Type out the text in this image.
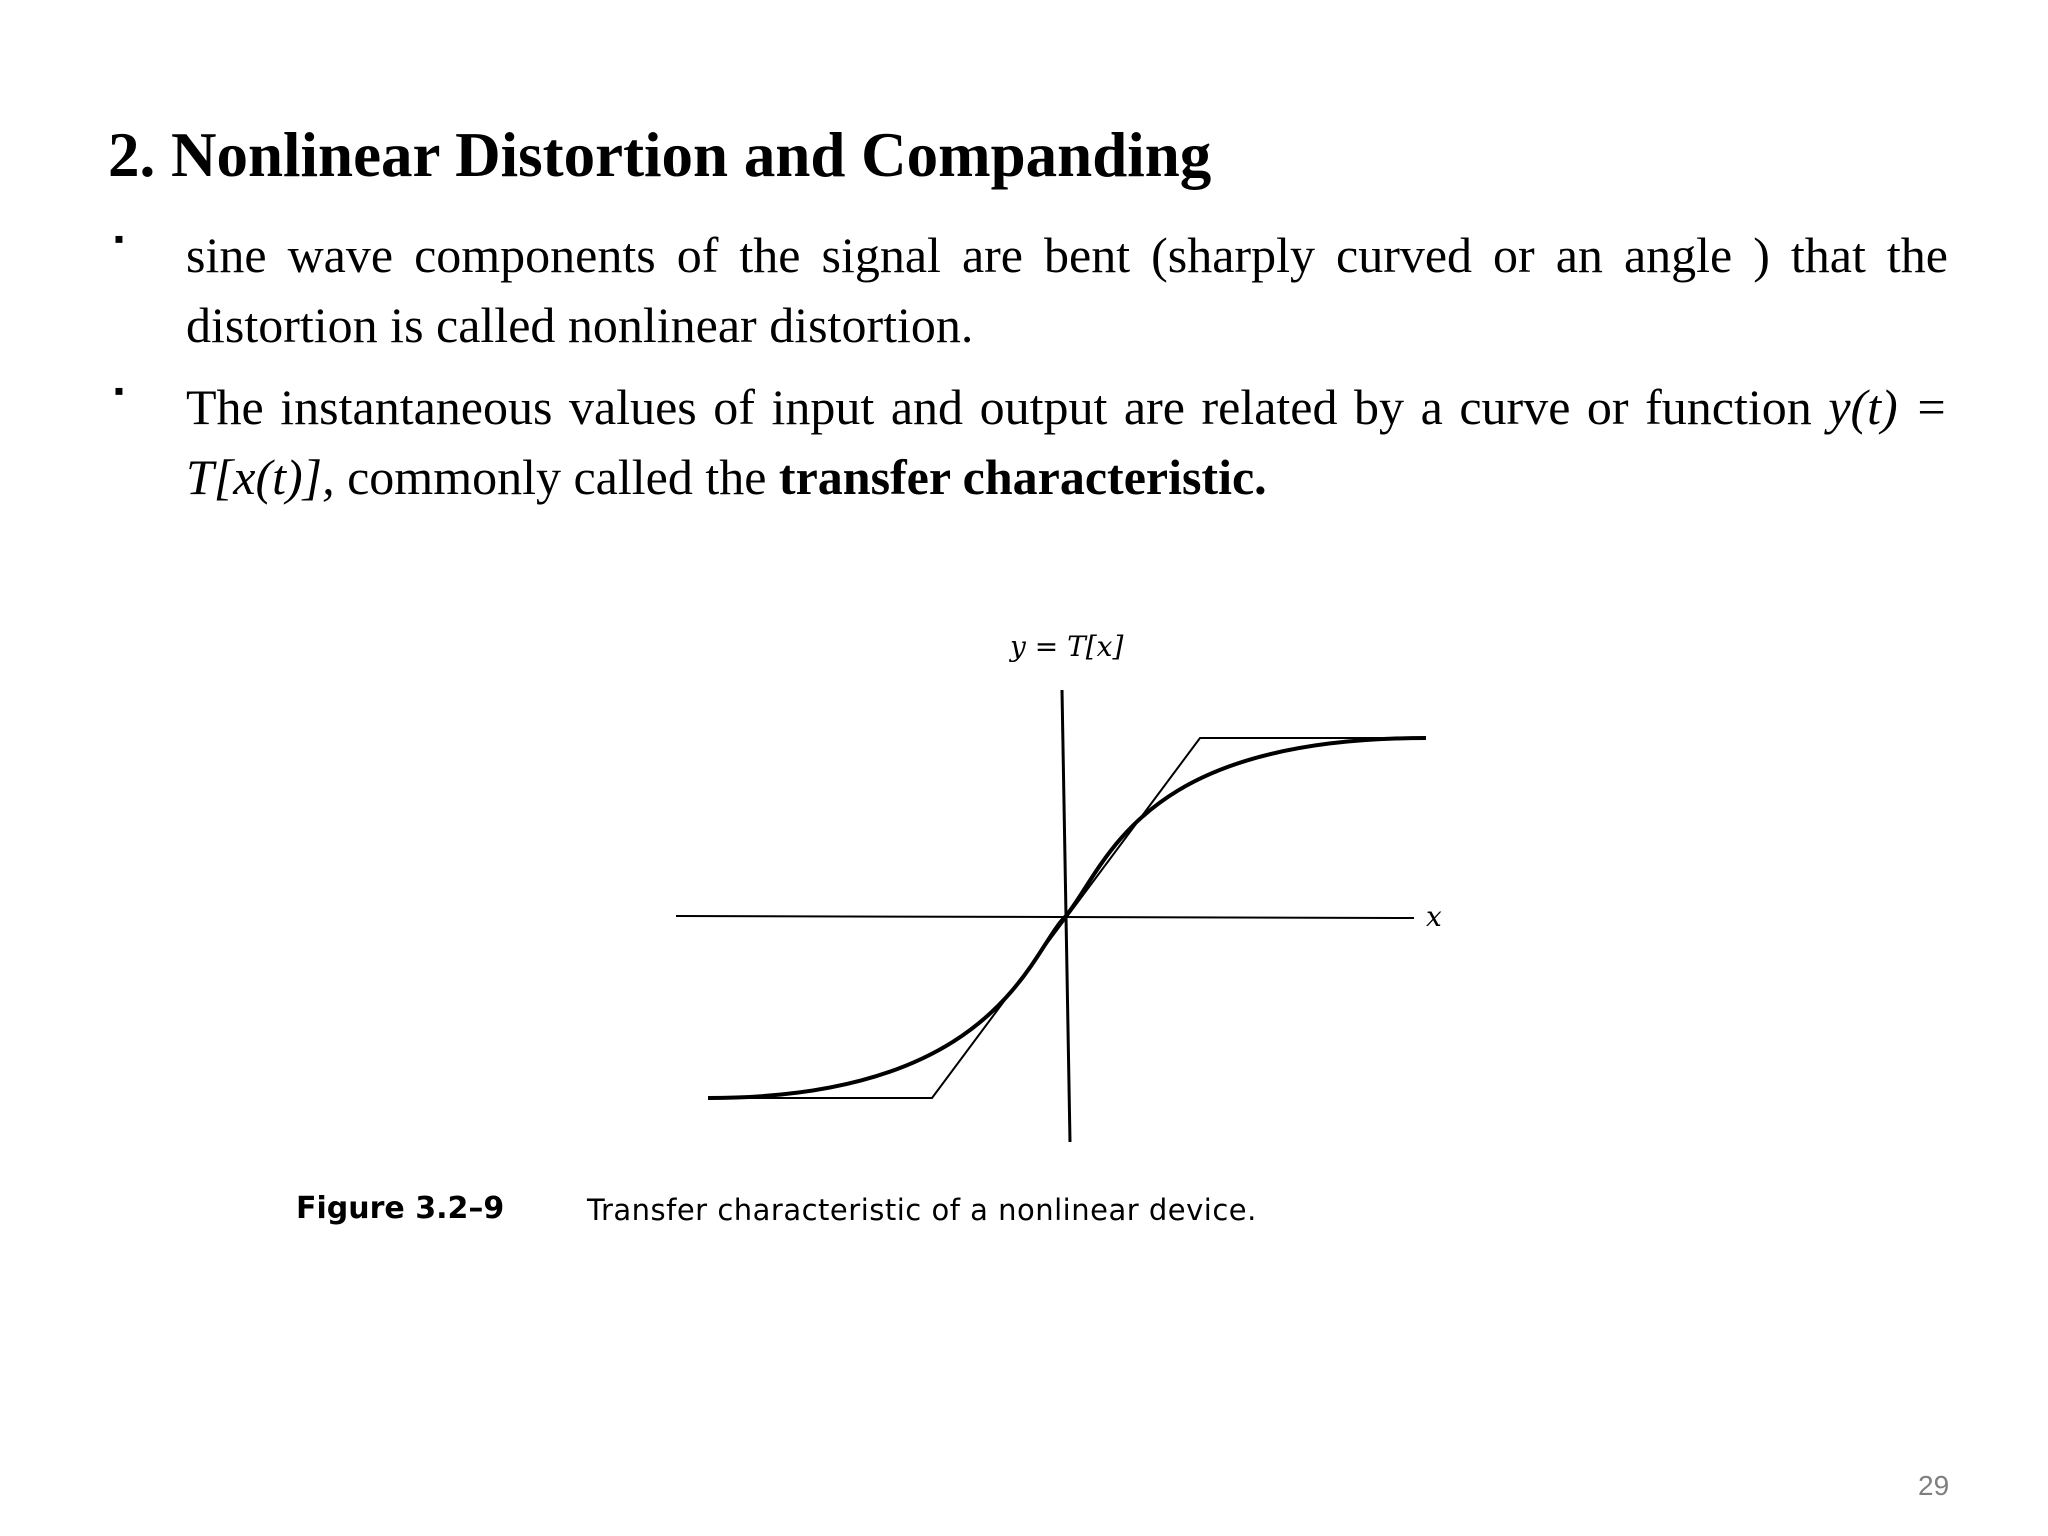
2. Nonlinear Distortion and Companding
▪ sine wave components of the signal are bent (sharply curved or an angle ) that the distortion is called nonlinear distortion.
▪ The instantaneous values of input and output are related by a curve or function y(t) = T[x(t)], commonly called the transfer characteristic.
y = T[x]
x
Figure 3.2–9	Transfer characteristic of a nonlinear device.
29
